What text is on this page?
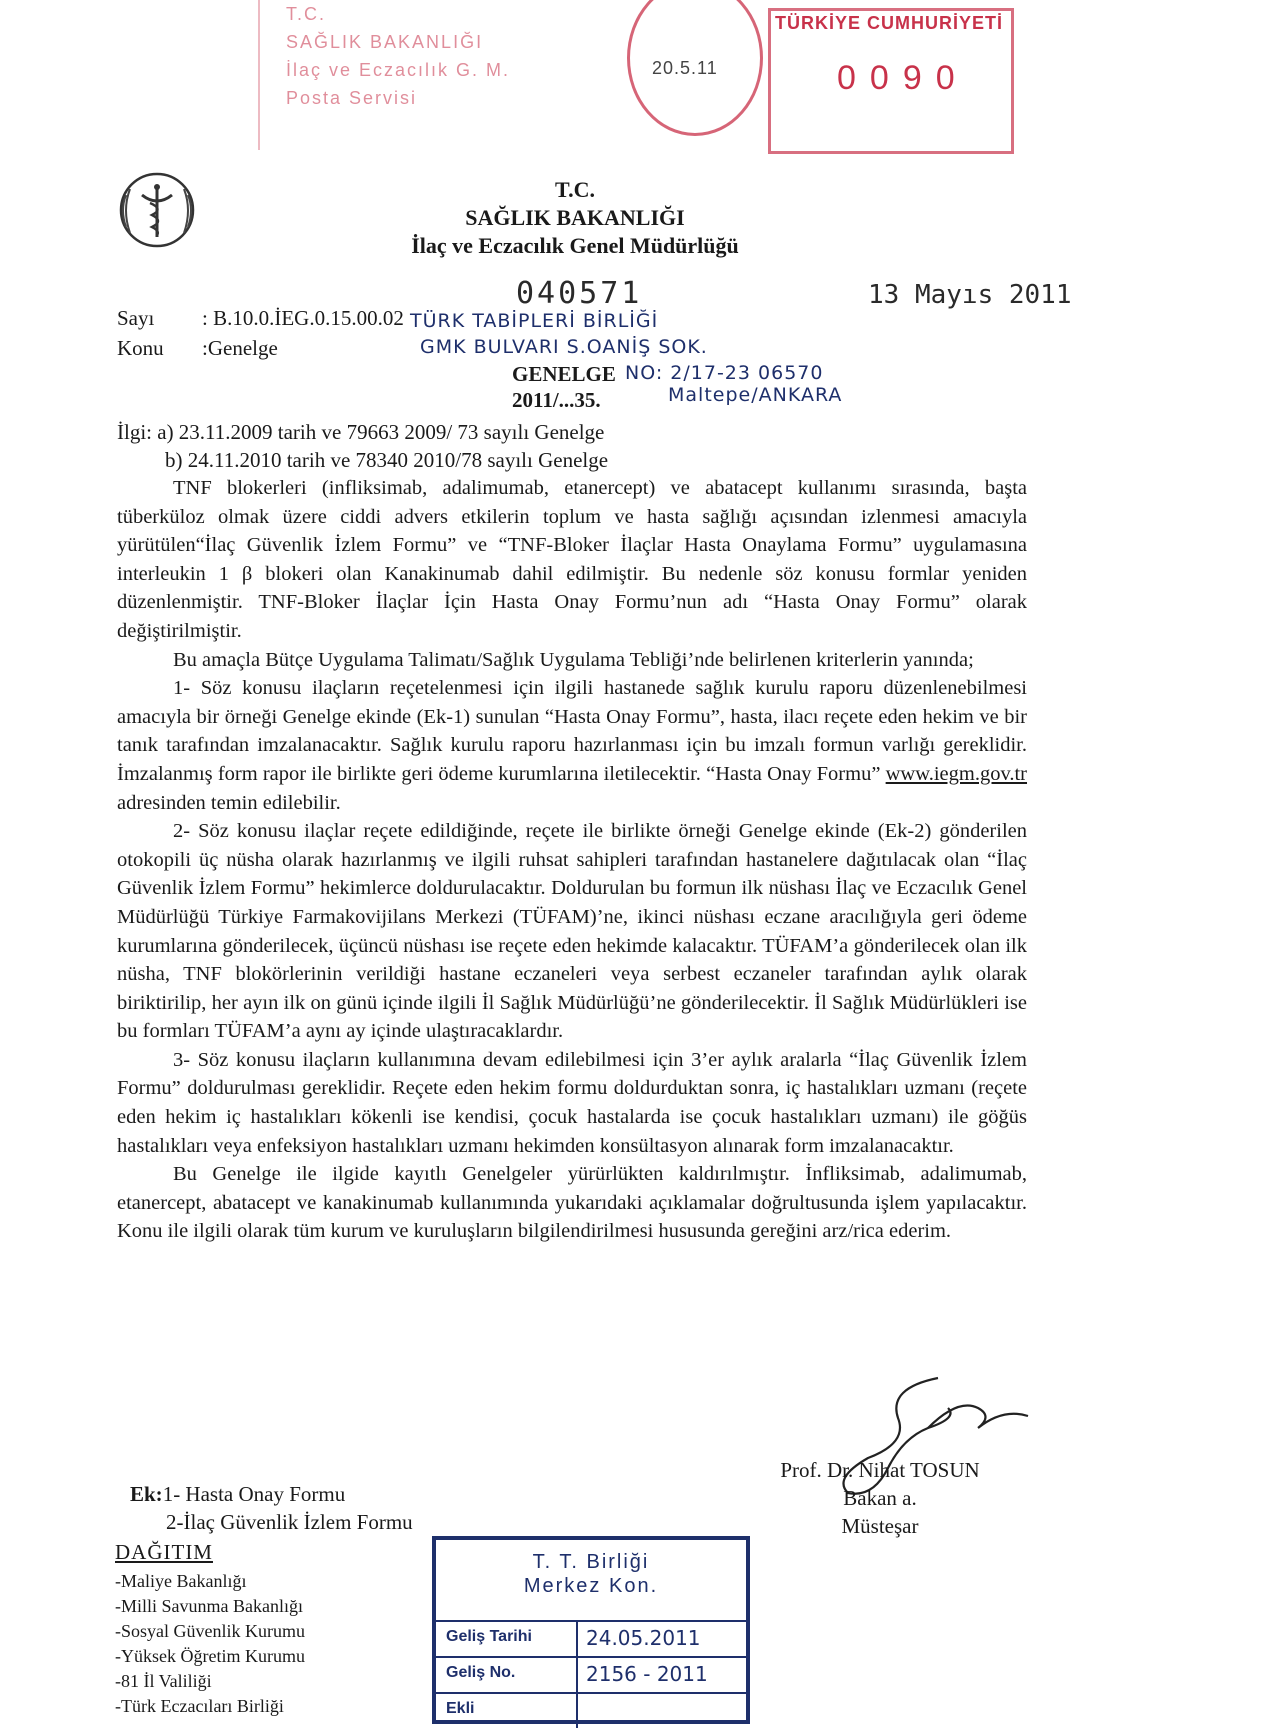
T.C.
SAĞLIK BAKANLIĞI
İlaç ve Eczacılık G. M.
Posta Servisi
20.5.11
TÜRKİYE CUMHURİYETİ
0090
T.C.
SAĞLIK BAKANLIĞI
İlaç ve Eczacılık Genel Müdürlüğü
040571	13 Mayıs 2011
Sayı : B.10.0.İEG.0.15.00.02
Konu :Genelge
TÜRK TABİPLERİ BİRLİĞİ
GMK BULVARI S.OANİŞ SOK.
NO: 2/17-23 06570
Maltepe/ANKARA
GENELGE
2011/...35.
İlgi: a) 23.11.2009 tarih ve 79663 2009/ 73 sayılı Genelge
b) 24.11.2010 tarih ve 78340 2010/78 sayılı Genelge

TNF blokerleri (infliksimab, adalimumab, etanercept) ve abatacept kullanımı sırasında, başta tüberküloz olmak üzere ciddi advers etkilerin toplum ve hasta sağlığı açısından izlenmesi amacıyla yürütülen“İlaç Güvenlik İzlem Formu” ve “TNF-Bloker İlaçlar Hasta Onaylama Formu” uygulamasına interleukin 1 β blokeri olan Kanakinumab dahil edilmiştir. Bu nedenle söz konusu formlar yeniden düzenlenmiştir. TNF-Bloker İlaçlar İçin Hasta Onay Formu’nun adı “Hasta Onay Formu” olarak değiştirilmiştir.

Bu amaçla Bütçe Uygulama Talimatı/Sağlık Uygulama Tebliği’nde belirlenen kriterlerin yanında;

1- Söz konusu ilaçların reçetelenmesi için ilgili hastanede sağlık kurulu raporu düzenlenebilmesi amacıyla bir örneği Genelge ekinde (Ek-1) sunulan “Hasta Onay Formu”, hasta, ilacı reçete eden hekim ve bir tanık tarafından imzalanacaktır. Sağlık kurulu raporu hazırlanması için bu imzalı formun varlığı gereklidir. İmzalanmış form rapor ile birlikte geri ödeme kurumlarına iletilecektir. “Hasta Onay Formu” www.iegm.gov.tr adresinden temin edilebilir.

2- Söz konusu ilaçlar reçete edildiğinde, reçete ile birlikte örneği Genelge ekinde (Ek-2) gönderilen otokopili üç nüsha olarak hazırlanmış ve ilgili ruhsat sahipleri tarafından hastanelere dağıtılacak olan “İlaç Güvenlik İzlem Formu” hekimlerce doldurulacaktır. Doldurulan bu formun ilk nüshası İlaç ve Eczacılık Genel Müdürlüğü Türkiye Farmakovijilans Merkezi (TÜFAM)’ne, ikinci nüshası eczane aracılığıyla geri ödeme kurumlarına gönderilecek, üçüncü nüshası ise reçete eden hekimde kalacaktır. TÜFAM’a gönderilecek olan ilk nüsha, TNF blokörlerinin verildiği hastane eczaneleri veya serbest eczaneler tarafından aylık olarak biriktirilip, her ayın ilk on günü içinde ilgili İl Sağlık Müdürlüğü’ne gönderilecektir. İl Sağlık Müdürlükleri ise bu formları TÜFAM’a aynı ay içinde ulaştıracaklardır.

3- Söz konusu ilaçların kullanımına devam edilebilmesi için 3’er aylık aralarla “İlaç Güvenlik İzlem Formu” doldurulması gereklidir. Reçete eden hekim formu doldurduktan sonra, iç hastalıkları uzmanı (reçete eden hekim iç hastalıkları kökenli ise kendisi, çocuk hastalarda ise çocuk hastalıkları uzmanı) ile göğüs hastalıkları veya enfeksiyon hastalıkları uzmanı hekimden konsültasyon alınarak form imzalanacaktır.

Bu Genelge ile ilgide kayıtlı Genelgeler yürürlükten kaldırılmıştır. İnfliksimab, adalimumab, etanercept, abatacept ve kanakinumab kullanımında yukarıdaki açıklamalar doğrultusunda işlem yapılacaktır. Konu ile ilgili olarak tüm kurum ve kuruluşların bilgilendirilmesi hususunda gereğini arz/rica ederim.

Prof. Dr. Nihat TOSUN
Bakan a.
Müsteşar
Ek:1- Hasta Onay Formu
2-İlaç Güvenlik İzlem Formu
DAĞITIM
-Maliye Bakanlığı
-Milli Savunma Bakanlığı
-Sosyal Güvenlik Kurumu
-Yüksek Öğretim Kurumu
-81 İl Valiliği
-Türk Eczacıları Birliği
T. T. Birliği
Merkez Kon.
Geliş Tarihi	24.05.2011
Geliş No.	2156 - 2011
Ekli
